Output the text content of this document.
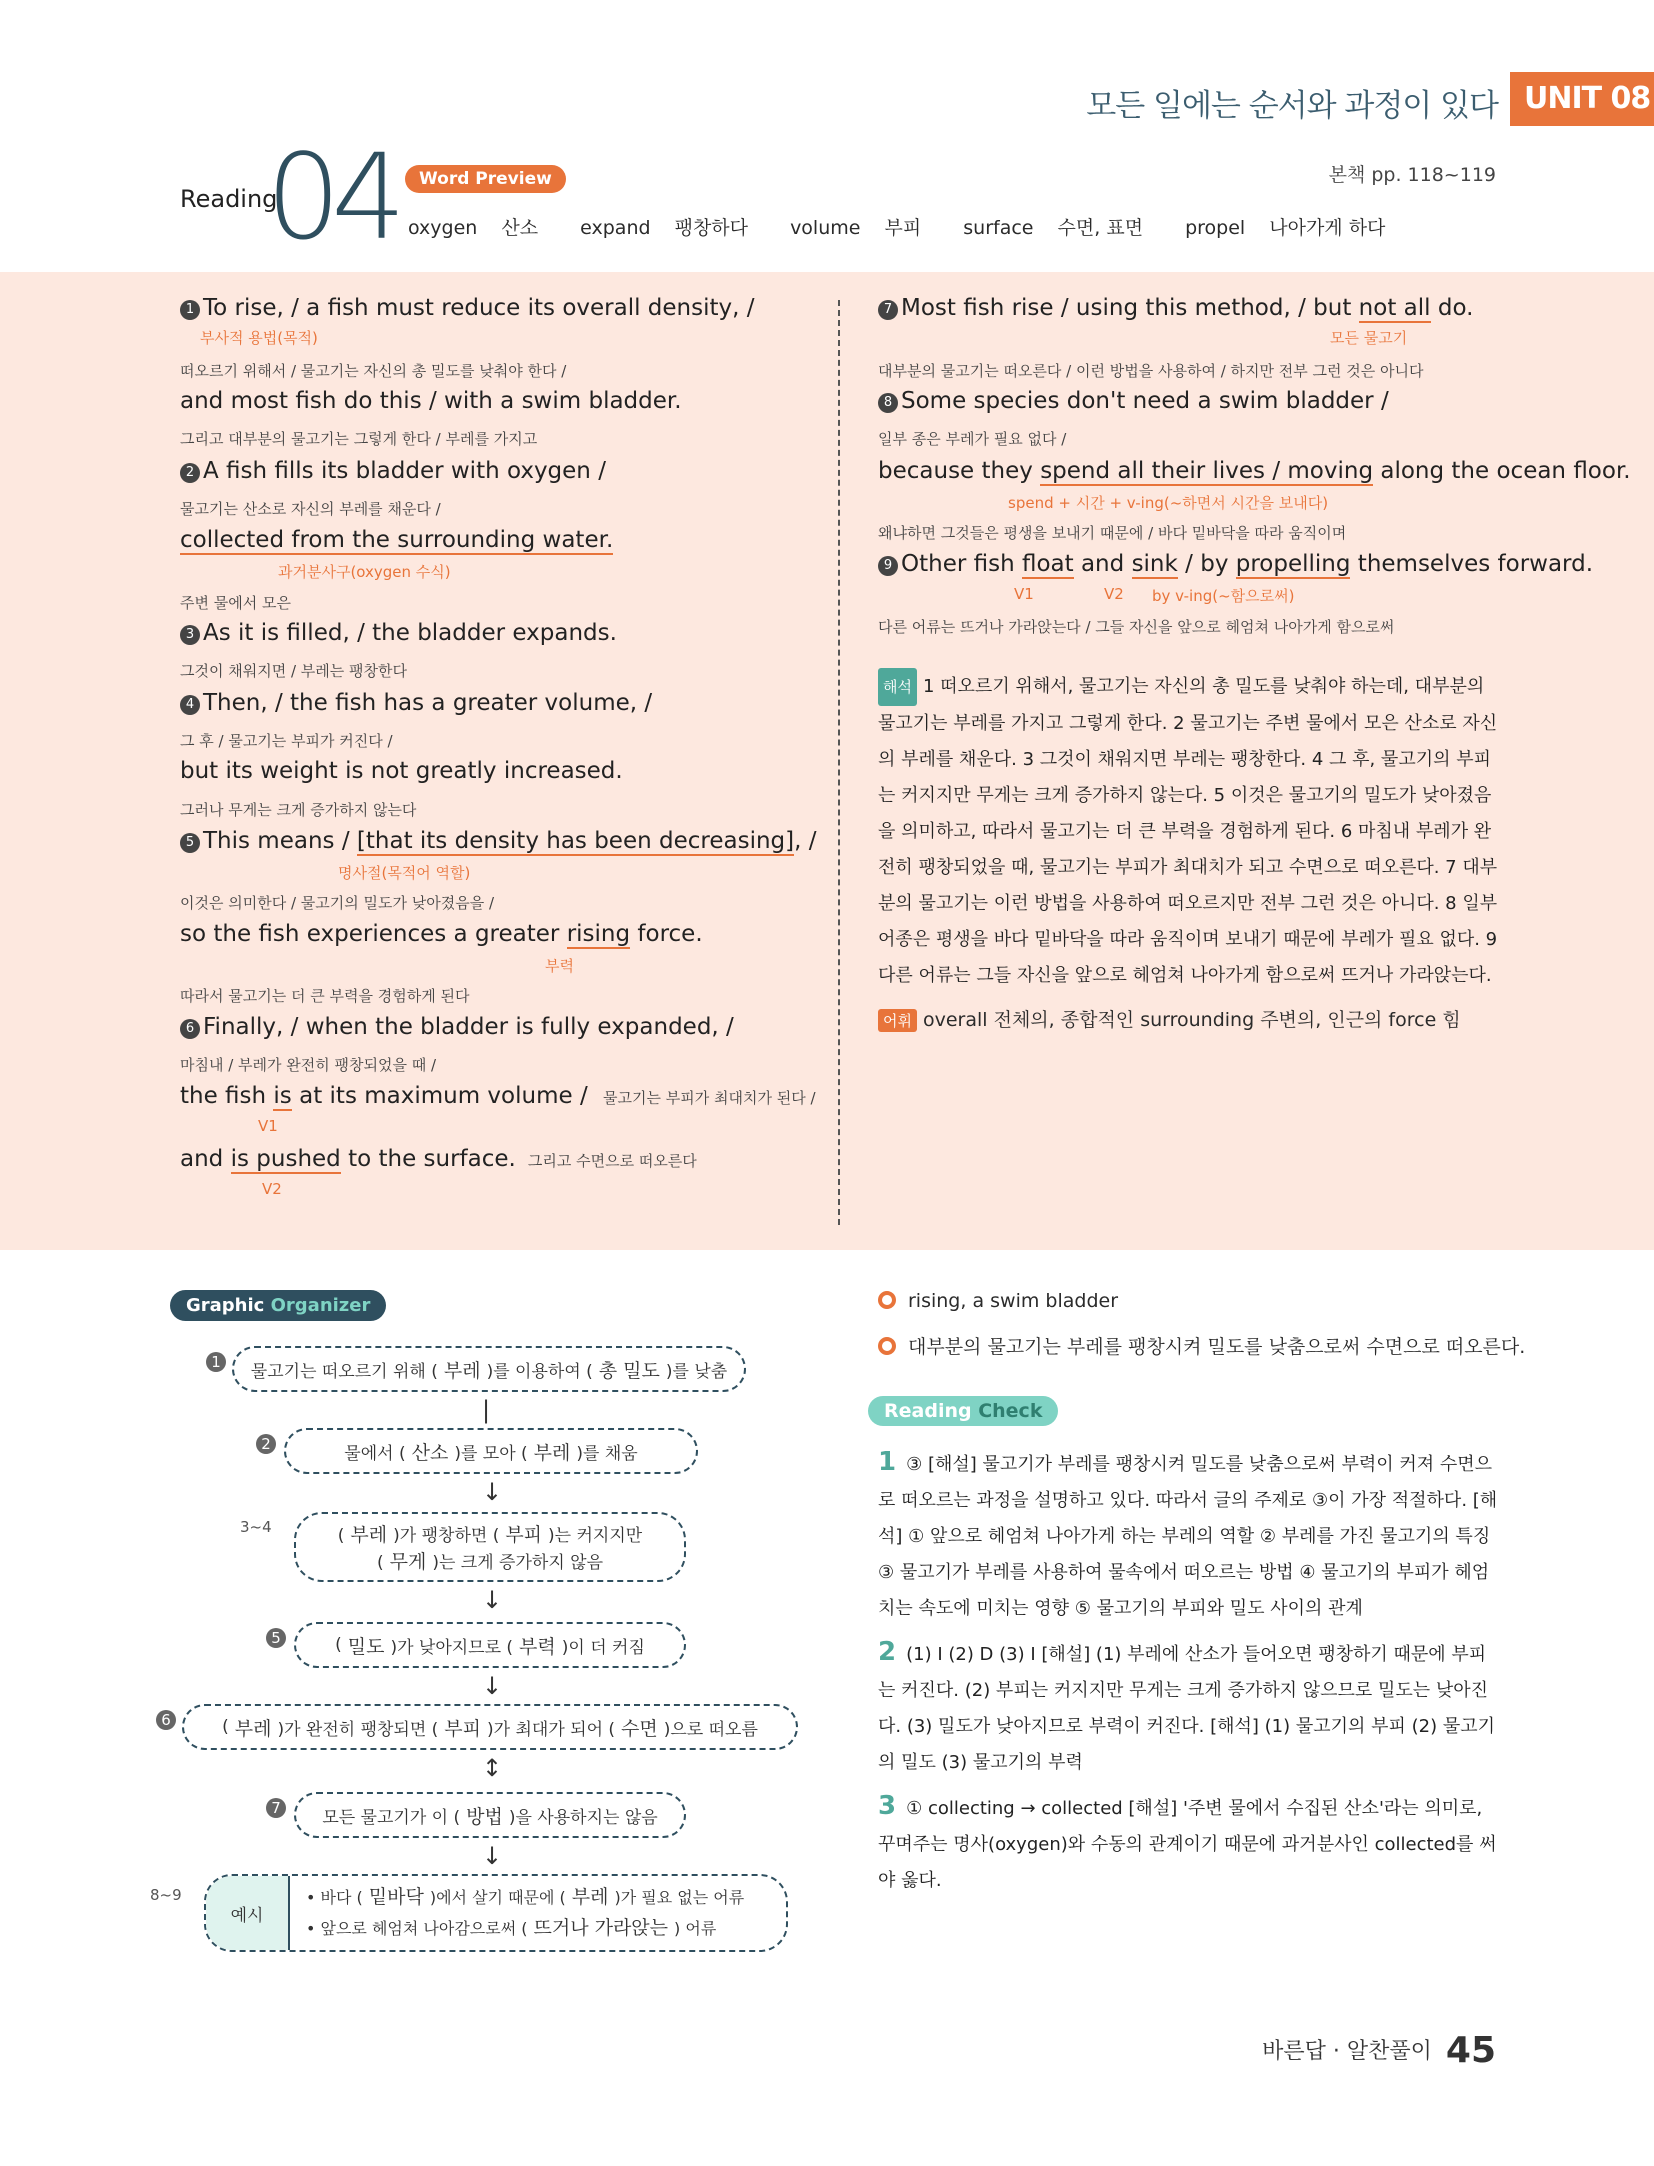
모든 일에는 순서와 과정이 있다 UNIT 08
Reading
04	Word Preview	본책 pp. 118~119
oxygen 산소 expand 팽창하다 volume 부피 surface 수면, 표면 propel 나아가게 하다
1 To rise, / a fish must reduce its overall density, /
부사적 용법(목적)
떠오르기 위해서 / 물고기는 자신의 총 밀도를 낮춰야 한다 /
and most fish do this / with a swim bladder.
그리고 대부분의 물고기는 그렇게 한다 / 부레를 가지고
2 A fish fills its bladder with oxygen /
물고기는 산소로 자신의 부레를 채운다 /
collected from the surrounding water.
과거분사구(oxygen 수식)
주변 물에서 모은
3 As it is filled, / the bladder expands.
그것이 채워지면 / 부레는 팽창한다
4 Then, / the fish has a greater volume, /
그 후 / 물고기는 부피가 커진다 /
but its weight is not greatly increased.
그러나 무게는 크게 증가하지 않는다
5 This means / [that its density has been decreasing], /
명사절(목적어 역할)
이것은 의미한다 / 물고기의 밀도가 낮아졌음을 /
so the fish experiences a greater rising force.
부력
따라서 물고기는 더 큰 부력을 경험하게 된다
6 Finally, / when the bladder is fully expanded, /
마침내 / 부레가 완전히 팽창되었을 때 /
the fish is at its maximum volume / 물고기는 부피가 최대치가 된다 /
V1
and is pushed to the surface. 그리고 수면으로 떠오른다
V2
7 Most fish rise / using this method, / but not all do.
모든 물고기
대부분의 물고기는 떠오른다 / 이런 방법을 사용하여 / 하지만 전부 그런 것은 아니다
8 Some species don't need a swim bladder /
일부 종은 부레가 필요 없다 /
because they spend all their lives / moving along the ocean floor.
spend + 시간 + v-ing(~하면서 시간을 보내다)
왜냐하면 그것들은 평생을 보내기 때문에 / 바다 밑바닥을 따라 움직이며
9 Other fish float and sink / by propelling themselves forward.
V1	V2 by v-ing(~함으로써)
다른 어류는 뜨거나 가라앉는다 / 그들 자신을 앞으로 헤엄쳐 나아가게 함으로써
해석 1 떠오르기 위해서, 물고기는 자신의 총 밀도를 낮춰야 하는데, 대부분의 물고기는 부레를 가지고 그렇게 한다. 2 물고기는 주변 물에서 모은 산소로 자신의 부레를 채운다. 3 그것이 채워지면 부레는 팽창한다. 4 그 후, 물고기의 부피는 커지지만 무게는 크게 증가하지 않는다. 5 이것은 물고기의 밀도가 낮아졌음을 의미하고, 따라서 물고기는 더 큰 부력을 경험하게 된다. 6 마침내 부레가 완전히 팽창되었을 때, 물고기는 부피가 최대치가 되고 수면으로 떠오른다. 7 대부분의 물고기는 이런 방법을 사용하여 떠오르지만 전부 그런 것은 아니다. 8 일부 어종은 평생을 바다 밑바닥을 따라 움직이며 보내기 때문에 부레가 필요 없다. 9 다른 어류는 그들 자신을 앞으로 헤엄쳐 나아가게 함으로써 뜨거나 가라앉는다.
어휘 overall 전체의, 종합적인 surrounding 주변의, 인근의 force 힘
Graphic Organizer
1	물고기는 떠오르기 위해 ( 부레 )를 이용하여 ( 총 밀도 )를 낮춤
|
2	물에서 ( 산소 )를 모아 ( 부레 )를 채움
↓
3~4	( 부레 )가 팽창하면 ( 부피 )는 커지지만
( 무게 )는 크게 증가하지 않음
↓
5	( 밀도 )가 낮아지므로 ( 부력 )이 더 커짐
↓
6	( 부레 )가 완전히 팽창되면 ( 부피 )가 최대가 되어 ( 수면 )으로 떠오름
↕
7	모든 물고기가 이 ( 방법 )을 사용하지는 않음
↓
8~9
예시
• 바다 ( 밑바닥 )에서 살기 때문에 ( 부레 )가 필요 없는 어류
• 앞으로 헤엄쳐 나아감으로써 ( 뜨거나 가라앉는 ) 어류
rising, a swim bladder
대부분의 물고기는 부레를 팽창시켜 밀도를 낮춤으로써 수면으로 떠오른다.
Reading Check
1 ③ [해설] 물고기가 부레를 팽창시켜 밀도를 낮춤으로써 부력이 커져 수면으로 떠오르는 과정을 설명하고 있다. 따라서 글의 주제로 ③이 가장 적절하다. [해석] ① 앞으로 헤엄쳐 나아가게 하는 부레의 역할 ② 부레를 가진 물고기의 특징 ③ 물고기가 부레를 사용하여 물속에서 떠오르는 방법 ④ 물고기의 부피가 헤엄치는 속도에 미치는 영향 ⑤ 물고기의 부피와 밀도 사이의 관계
2 (1) I (2) D (3) I [해설] (1) 부레에 산소가 들어오면 팽창하기 때문에 부피는 커진다. (2) 부피는 커지지만 무게는 크게 증가하지 않으므로 밀도는 낮아진다. (3) 밀도가 낮아지므로 부력이 커진다. [해석] (1) 물고기의 부피 (2) 물고기의 밀도 (3) 물고기의 부력
3 ① collecting → collected [해설] '주변 물에서 수집된 산소'라는 의미로, 꾸며주는 명사(oxygen)와 수동의 관계이기 때문에 과거분사인 collected를 써야 옳다.
바른답 · 알찬풀이 45
